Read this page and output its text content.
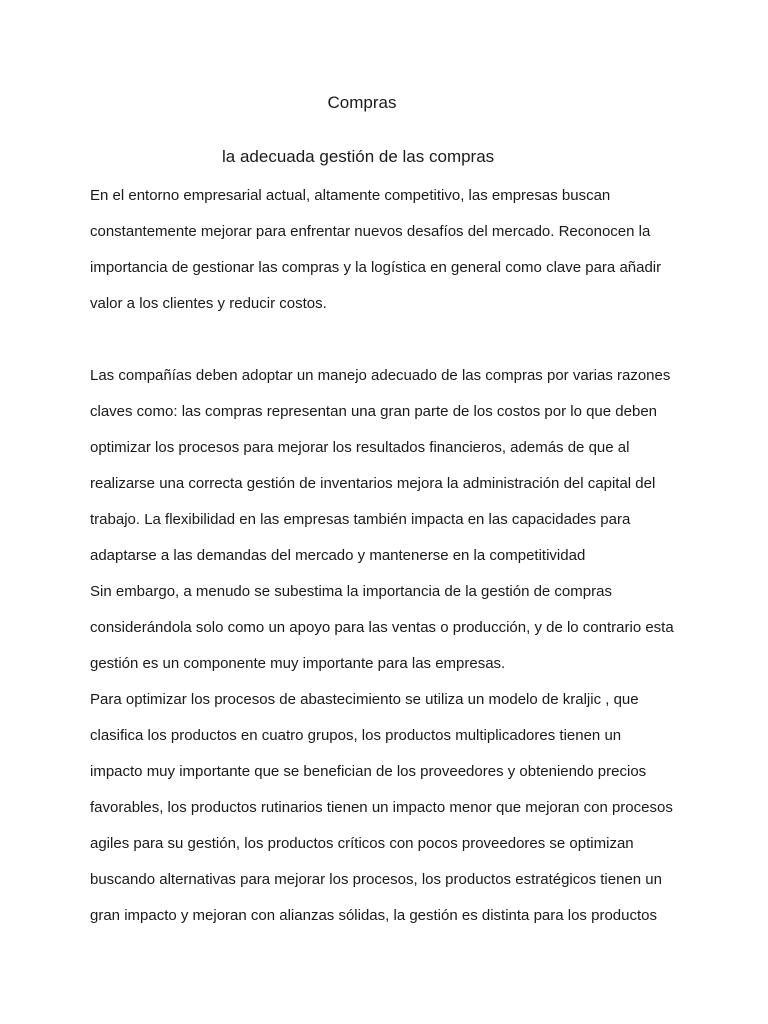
Compras
la adecuada gestión de las compras
En el entorno empresarial actual, altamente competitivo, las empresas buscan
constantemente mejorar para enfrentar nuevos desafíos del mercado. Reconocen la
importancia de gestionar las compras y la logística en general como clave para añadir
valor a los clientes y reducir costos.
Las compañías deben adoptar un manejo adecuado de las compras por varias razones
claves como: las compras representan una gran parte de los costos por lo que deben
optimizar los procesos para mejorar los resultados financieros, además de que al
realizarse una correcta gestión de inventarios mejora la administración del capital del
trabajo. La flexibilidad en las empresas también impacta en las capacidades para
adaptarse a las demandas del mercado y mantenerse en la competitividad
Sin embargo, a menudo se subestima la importancia de la gestión de compras
considerándola solo como un apoyo para las ventas o producción, y de lo contrario esta
gestión es un componente muy importante para las empresas.
Para optimizar los procesos de abastecimiento se utiliza un modelo de kraljic , que
clasifica los productos en cuatro grupos, los productos multiplicadores tienen un
impacto muy importante que se benefician de los proveedores y obteniendo precios
favorables, los productos rutinarios tienen un impacto menor que mejoran con procesos
agiles para su gestión, los productos críticos con pocos proveedores se optimizan
buscando alternativas para mejorar los procesos, los productos estratégicos tienen un
gran impacto y mejoran con alianzas sólidas, la gestión es distinta para los productos
